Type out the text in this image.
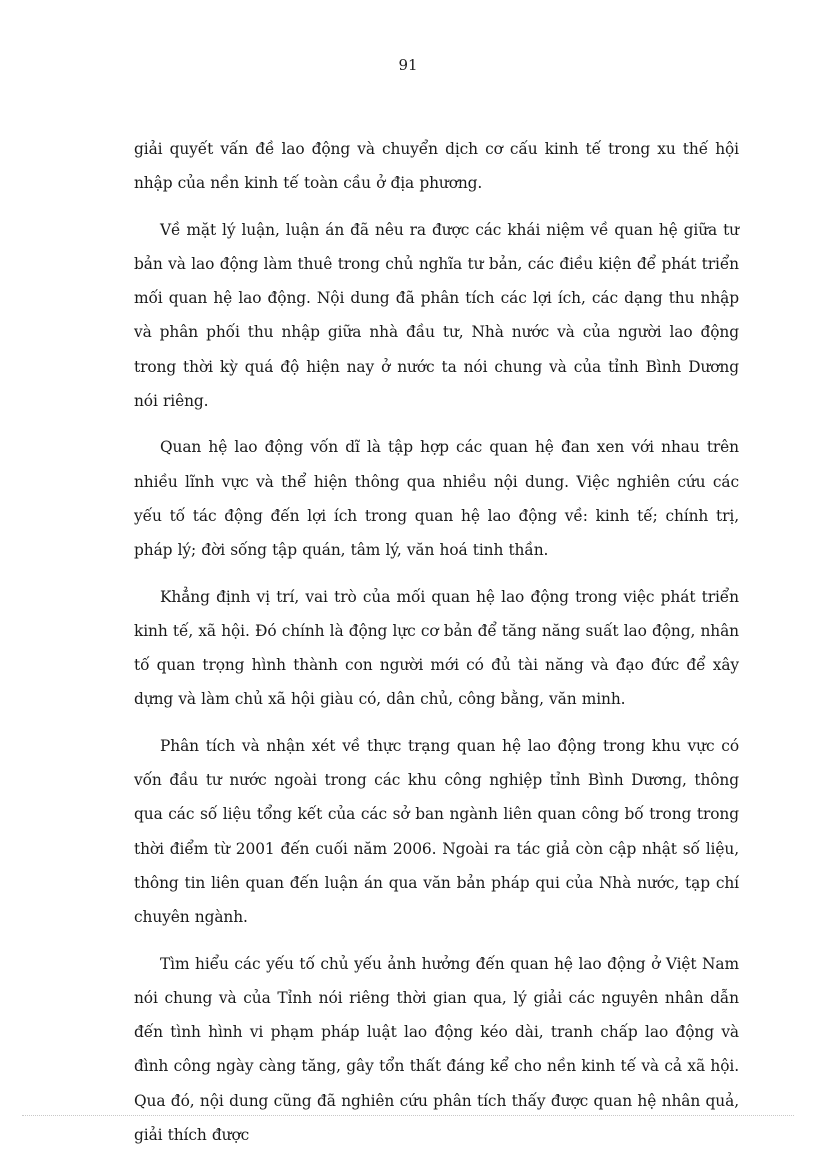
91

giải quyết vấn đề lao động và chuyển dịch cơ cấu kinh tế trong xu thế hội nhập của nền kinh tế toàn cầu ở địa phương.

Về mặt lý luận, luận án đã nêu ra được các khái niệm về quan hệ giữa tư bản và lao động làm thuê trong chủ nghĩa tư bản, các điều kiện để phát triển mối quan hệ lao động. Nội dung đã phân tích các lợi ích, các dạng thu nhập và phân phối thu nhập giữa nhà đầu tư, Nhà nước và của người lao động trong thời kỳ quá độ hiện nay ở nước ta nói chung và của tỉnh Bình Dương nói riêng.

Quan hệ lao động vốn dĩ là tập hợp các quan hệ đan xen với nhau trên nhiều lĩnh vực và thể hiện thông qua nhiều nội dung. Việc nghiên cứu các yếu tố tác động đến lợi ích trong quan hệ lao động về: kinh tế; chính trị, pháp lý; đời sống tập quán, tâm lý, văn hoá tinh thần.

Khẳng định vị trí, vai trò của mối quan hệ lao động trong việc phát triển kinh tế, xã hội. Đó chính là động lực cơ bản để tăng năng suất lao động, nhân tố quan trọng hình thành con người mới có đủ tài năng và đạo đức để xây dựng và làm chủ xã hội giàu có, dân chủ, công bằng, văn minh.

Phân tích và nhận xét về thực trạng quan hệ lao động trong khu vực có vốn đầu tư nước ngoài trong các khu công nghiệp tỉnh Bình Dương, thông qua các số liệu tổng kết của các sở ban ngành liên quan công bố trong trong thời điểm từ 2001 đến cuối năm 2006. Ngoài ra tác giả còn cập nhật số liệu, thông tin liên quan đến luận án qua văn bản pháp qui của Nhà nước, tạp chí chuyên ngành.

Tìm hiểu các yếu tố chủ yếu ảnh hưởng đến quan hệ lao động ở Việt Nam nói chung và của Tỉnh nói riêng thời gian qua, lý giải các nguyên nhân dẫn đến tình hình vi phạm pháp luật lao động kéo dài, tranh chấp lao động và đình công ngày càng tăng, gây tổn thất đáng kể cho nền kinh tế và cả xã hội. Qua đó, nội dung cũng đã nghiên cứu phân tích thấy được quan hệ nhân quả, giải thích được
